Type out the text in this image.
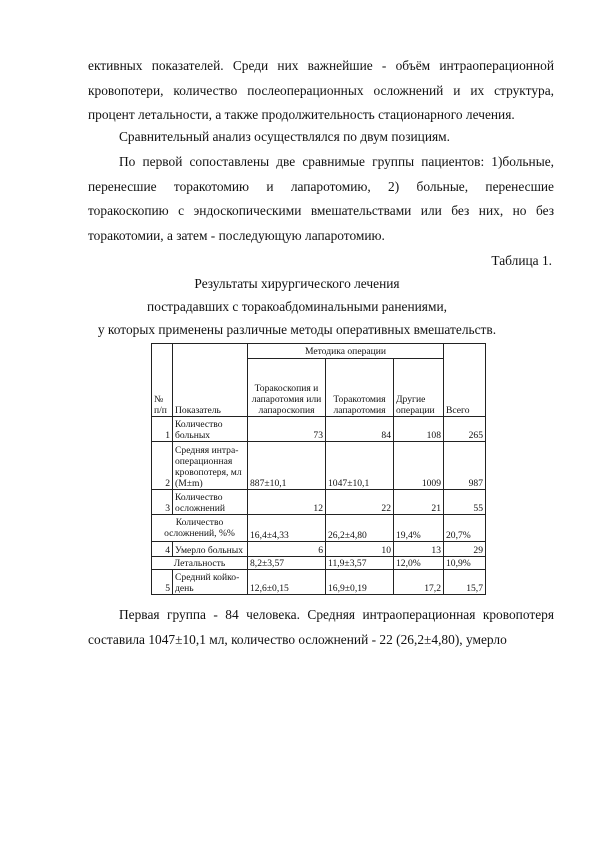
ективных показателей. Среди них важнейшие - объём интраоперационной кровопотери, количество послеоперационных осложнений и их структура, процент летальности, а также продолжительность стационарного лечения.

Сравнительный анализ осуществлялся по двум позициям.

По первой сопоставлены две сравнимые группы пациентов: 1)больные, перенесшие торакотомию и лапаротомию, 2) больные, перенесшие торакоскопию с эндоскопическими вмешательствами или без них, но без торакотомии, а затем - последующую лапаротомию.

Таблица 1.

Результаты хирургического лечения

пострадавших с торакоабдоминальными ранениями,

у которых применены различные методы оперативных вмешательств.

№ п/п	Показатель	Методика операции			Всего
		Торакоскопия и лапаротомия или лапароскопия	Торакотомия лапаротомия	Другие операции	
1	Количество больных	73	84	108	265
2	Средняя интра-операционная кровопотеря, мл (M±m)	887±10,1	1047±10,1	1009	987
3	Количество осложнений	12	22	21	55
Количество осложнений, %%		16,4±4,33	26,2±4,80	19,4%	20,7%
4	Умерло больных	6	10	13	29
Летальность		8,2±3,57	11,9±3,57	12,0%	10,9%
5	Средний койко-день	12,6±0,15	16,9±0,19	17,2	15,7

Первая группа - 84 человека. Средняя интраоперационная кровопотеря составила 1047±10,1 мл, количество осложнений - 22 (26,2±4,80), умерло
